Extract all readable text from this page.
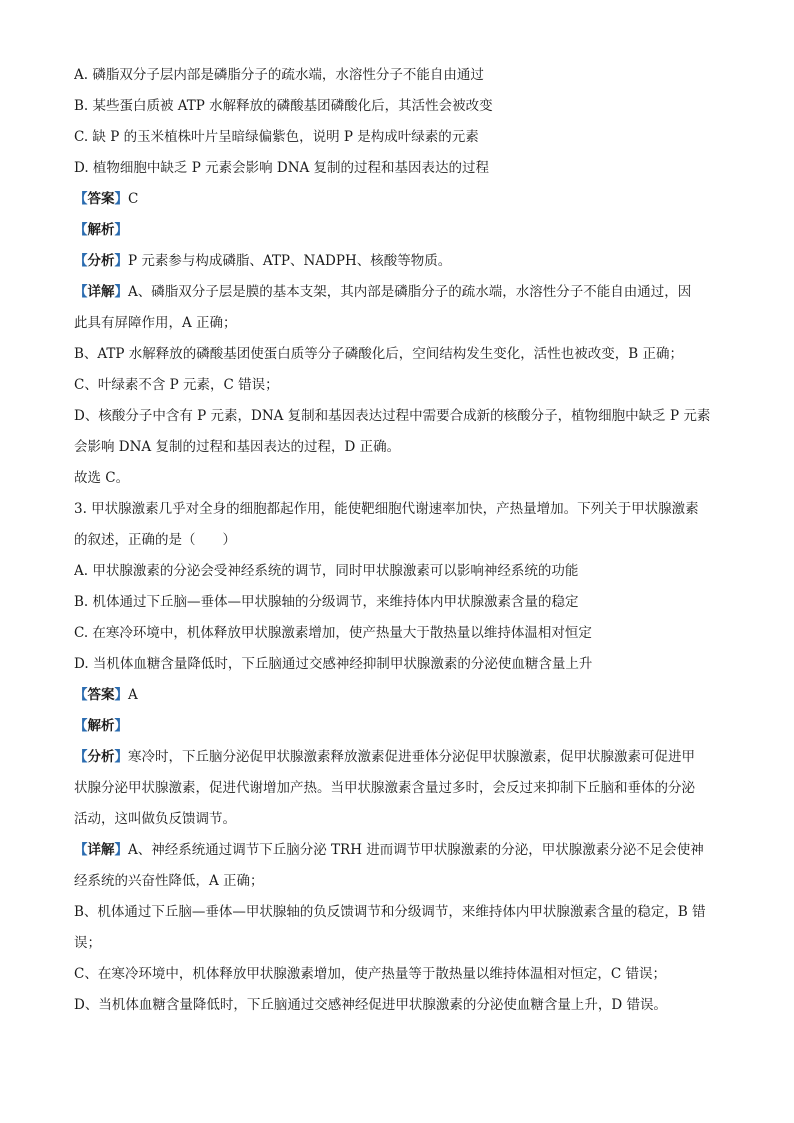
A. 磷脂双分子层内部是磷脂分子的疏水端，水溶性分子不能自由通过
B. 某些蛋白质被 ATP 水解释放的磷酸基团磷酸化后，其活性会被改变
C. 缺 P 的玉米植株叶片呈暗绿偏紫色，说明 P 是构成叶绿素的元素
D. 植物细胞中缺乏 P 元素会影响 DNA 复制的过程和基因表达的过程
【答案】C
【解析】
【分析】P 元素参与构成磷脂、ATP、NADPH、核酸等物质。
【详解】A、磷脂双分子层是膜的基本支架，其内部是磷脂分子的疏水端，水溶性分子不能自由通过，因
此具有屏障作用，A 正确；
B、ATP 水解释放的磷酸基团使蛋白质等分子磷酸化后，空间结构发生变化，活性也被改变，B 正确；
C、叶绿素不含 P 元素，C 错误；
D、核酸分子中含有 P 元素，DNA 复制和基因表达过程中需要合成新的核酸分子，植物细胞中缺乏 P 元素
会影响 DNA 复制的过程和基因表达的过程，D 正确。
故选 C。
3. 甲状腺激素几乎对全身的细胞都起作用，能使靶细胞代谢速率加快，产热量增加。下列关于甲状腺激素
的叙述，正确的是（　　）
A. 甲状腺激素的分泌会受神经系统的调节，同时甲状腺激素可以影响神经系统的功能
B. 机体通过下丘脑—垂体—甲状腺轴的分级调节，来维持体内甲状腺激素含量的稳定
C. 在寒冷环境中，机体释放甲状腺激素增加，使产热量大于散热量以维持体温相对恒定
D. 当机体血糖含量降低时，下丘脑通过交感神经抑制甲状腺激素的分泌使血糖含量上升
【答案】A
【解析】
【分析】寒冷时，下丘脑分泌促甲状腺激素释放激素促进垂体分泌促甲状腺激素，促甲状腺激素可促进甲
状腺分泌甲状腺激素，促进代谢增加产热。当甲状腺激素含量过多时，会反过来抑制下丘脑和垂体的分泌
活动，这叫做负反馈调节。
【详解】A、神经系统通过调节下丘脑分泌 TRH 进而调节甲状腺激素的分泌，甲状腺激素分泌不足会使神
经系统的兴奋性降低，A 正确；
B、机体通过下丘脑—垂体—甲状腺轴的负反馈调节和分级调节，来维持体内甲状腺激素含量的稳定，B 错
误；
C、在寒冷环境中，机体释放甲状腺激素增加，使产热量等于散热量以维持体温相对恒定，C 错误；
D、当机体血糖含量降低时，下丘脑通过交感神经促进甲状腺激素的分泌使血糖含量上升，D 错误。
